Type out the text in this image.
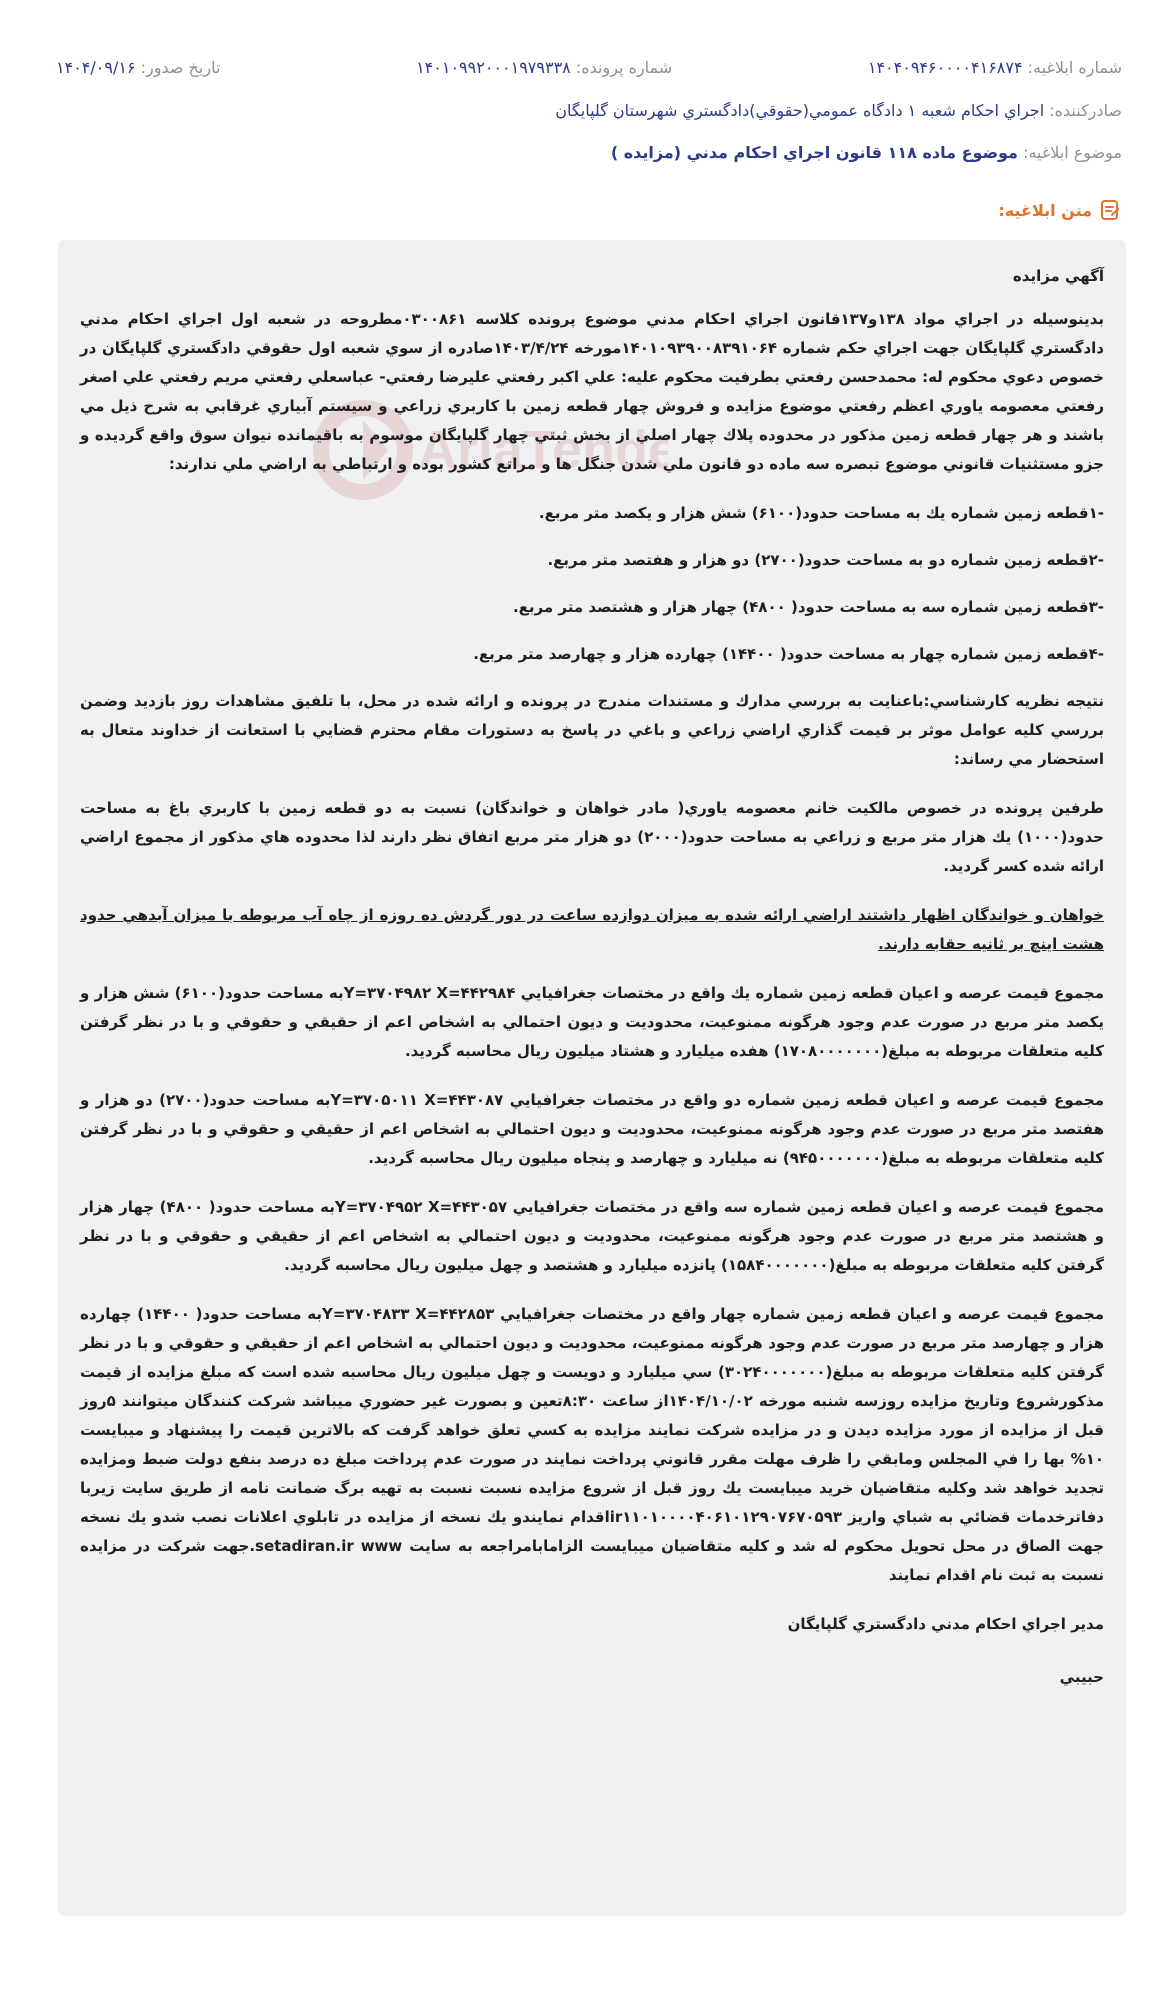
شماره ابلاغیه: ۱۴۰۴۰۹۴۶۰۰۰۰۴۱۶۸۷۴
شماره پرونده: ۱۴۰۱۰۹۹۲۰۰۰۱۹۷۹۳۳۸
تاریخ صدور: ۱۴۰۴/۰۹/۱۶
صادرکننده: اجراي احكام شعبه ۱ دادگاه عمومي(حقوقي)دادگستري شهرستان گلپايگان
موضوع ابلاغیه: موضوع ماده ۱۱۸ قانون اجراي احكام مدني (مزايده )
متن ابلاغیه:
AriaTende

آگهي مزايده

بدينوسيله در اجراي مواد ۱۳۸و۱۳۷قانون اجراي احكام مدني موضوع پرونده كلاسه ۰۳۰۰۸۶۱مطروحه در شعبه اول اجراي احكام مدني دادگستري گلپايگان جهت اجراي حكم شماره ۱۴۰۱۰۹۳۹۰۰۸۳۹۱۰۶۴مورخه ۱۴۰۳/۴/۲۴صادره از سوي شعبه اول حقوقي دادگستري گلپايگان در خصوص دعوي محكوم له: محمدحسن رفعتي بطرفيت محكوم عليه: علي اكبر رفعتي عليرضا رفعتي- عباسعلي رفعتي مريم رفعتي علي اصغر رفعتي معصومه ياوري اعظم رفعتي موضوع مزايده و فروش چهار قطعه زمين با كاربري زراعي و سيستم آبياري غرقابي به شرح ذيل مي باشند و هر چهار قطعه زمين مذكور در محدوده پلاك چهار اصلي از بخش ثبتي چهار گلپايگان موسوم به باقيمانده نيوان سوق واقع گرديده و جزو مستثنيات قانوني موضوع تبصره سه ماده دو قانون ملي شدن جنگل ها و مراتع كشور بوده و ارتباطي به اراضي ملي ندارند:

-۱قطعه زمين شماره يك به مساحت حدود(۶۱۰۰) شش هزار و يكصد متر مربع.

-۲قطعه زمين شماره دو به مساحت حدود(۲۷۰۰) دو هزار و هفتصد متر مربع.

-۳قطعه زمين شماره سه به مساحت حدود( ۴۸۰۰) چهار هزار و هشتصد متر مربع.

-۴قطعه زمين شماره چهار به مساحت حدود( ۱۴۴۰۰) چهارده هزار و چهارصد متر مربع.

نتيجه نظريه كارشناسي:باعنايت به بررسي مدارك و مستندات مندرج در پرونده و ارائه شده در محل، با تلفيق مشاهدات روز بازديد وضمن بررسي كليه عوامل موثر بر قيمت گذاري اراضي زراعي و باغي در پاسخ به دستورات مقام محترم قضايي با استعانت از خداوند متعال به استحضار مي رساند:

طرفين پرونده در خصوص مالكيت خانم معصومه ياوري( مادر خواهان و خواندگان) نسبت به دو قطعه زمين با كاربري باغ به مساحت حدود(۱۰۰۰) يك هزار متر مربع و زراعي به مساحت حدود(۲۰۰۰) دو هزار متر مربع اتفاق نظر دارند لذا محدوده هاي مذكور از مجموع اراضي ارائه شده كسر گرديد.

خواهان و خواندگان اظهار داشتند اراضي ارائه شده به ميزان دوازده ساعت در دور گردش ده روزه از چاه آب مربوطه با ميزان آبدهي حدود هشت اينچ بر ثانيه حقابه دارند.

مجموع قيمت عرصه و اعيان قطعه زمين شماره يك واقع در مختصات جغرافيايي Y=۳۷۰۴۹۸۲ X=۴۴۲۹۸۴به مساحت حدود(۶۱۰۰) شش هزار و يكصد متر مربع در صورت عدم وجود هرگونه ممنوعيت، محدوديت و ديون احتمالي به اشخاص اعم از حقيقي و حقوقي و با در نظر گرفتن كليه متعلقات مربوطه به مبلغ(۱۷۰۸۰۰۰۰۰۰۰) هفده ميليارد و هشتاد ميليون ريال محاسبه گرديد.

مجموع قيمت عرصه و اعيان قطعه زمين شماره دو واقع در مختصات جغرافيايي Y=۳۷۰۵۰۱۱ X=۴۴۳۰۸۷به مساحت حدود(۲۷۰۰) دو هزار و هفتصد متر مربع در صورت عدم وجود هرگونه ممنوعيت، محدوديت و ديون احتمالي به اشخاص اعم از حقيقي و حقوقي و با در نظر گرفتن كليه متعلقات مربوطه به مبلغ(۹۴۵۰۰۰۰۰۰۰) نه ميليارد و چهارصد و پنجاه ميليون ريال محاسبه گرديد.

مجموع قيمت عرصه و اعيان قطعه زمين شماره سه واقع در مختصات جغرافيايي Y=۳۷۰۴۹۵۲ X=۴۴۳۰۵۷به مساحت حدود( ۴۸۰۰) چهار هزار و هشتصد متر مربع در صورت عدم وجود هرگونه ممنوعيت، محدوديت و ديون احتمالي به اشخاص اعم از حقيقي و حقوقي و با در نظر گرفتن كليه متعلقات مربوطه به مبلغ(۱۵۸۴۰۰۰۰۰۰۰) پانزده ميليارد و هشتصد و چهل ميليون ريال محاسبه گرديد.

مجموع قيمت عرصه و اعيان قطعه زمين شماره چهار واقع در مختصات جغرافيايي Y=۳۷۰۴۸۳۳ X=۴۴۲۸۵۳به مساحت حدود( ۱۴۴۰۰) چهارده هزار و چهارصد متر مربع در صورت عدم وجود هرگونه ممنوعيت، محدوديت و ديون احتمالي به اشخاص اعم از حقيقي و حقوقي و با در نظر گرفتن كليه متعلقات مربوطه به مبلغ(۳۰۲۴۰۰۰۰۰۰۰) سي ميليارد و دويست و چهل ميليون ريال محاسبه شده است كه مبلغ مزايده از قيمت مذكورشروع وتاريخ مزايده روزسه شنبه مورخه ۱۴۰۴/۱۰/۰۲از ساعت ۸:۳۰تعين و بصورت غير حضوري ميباشد شركت كنندگان ميتوانند ۵روز قبل از مزايده از مورد مزايده ديدن و در مزايده شركت نمايند مزايده به كسي تعلق خواهد گرفت كه بالاترين قيمت را پيشنهاد و ميبايست ۱۰% بها را في المجلس ومابقي را ظرف مهلت مقرر قانوني پرداخت نمايند در صورت عدم پرداخت مبلغ ده درصد بنفع دولت ضبط ومزايده تجديد خواهد شد وكليه متقاضيان خريد ميبايست يك روز قبل از شروع مزايده نسبت نسبت به تهيه برگ ضمانت نامه از طريق سايت زيربا دفاترخدمات قضائي به شباي واريز ir۱۱۰۱۰۰۰۰۴۰۶۱۰۱۲۹۰۷۶۷۰۵۹۳اقدام نمايندو يك نسخه از مزايده در تابلوي اعلانات نصب شدو يك نسخه جهت الصاق در محل تحويل محكوم له شد و كليه متقاضيان ميبايست الزامابامراجعه به سايت setadiran.ir www.جهت شركت در مزايده نسبت به ثبت نام اقدام نمايند

مدير اجراي احكام مدني دادگستري گلپايگان

حبيبي
